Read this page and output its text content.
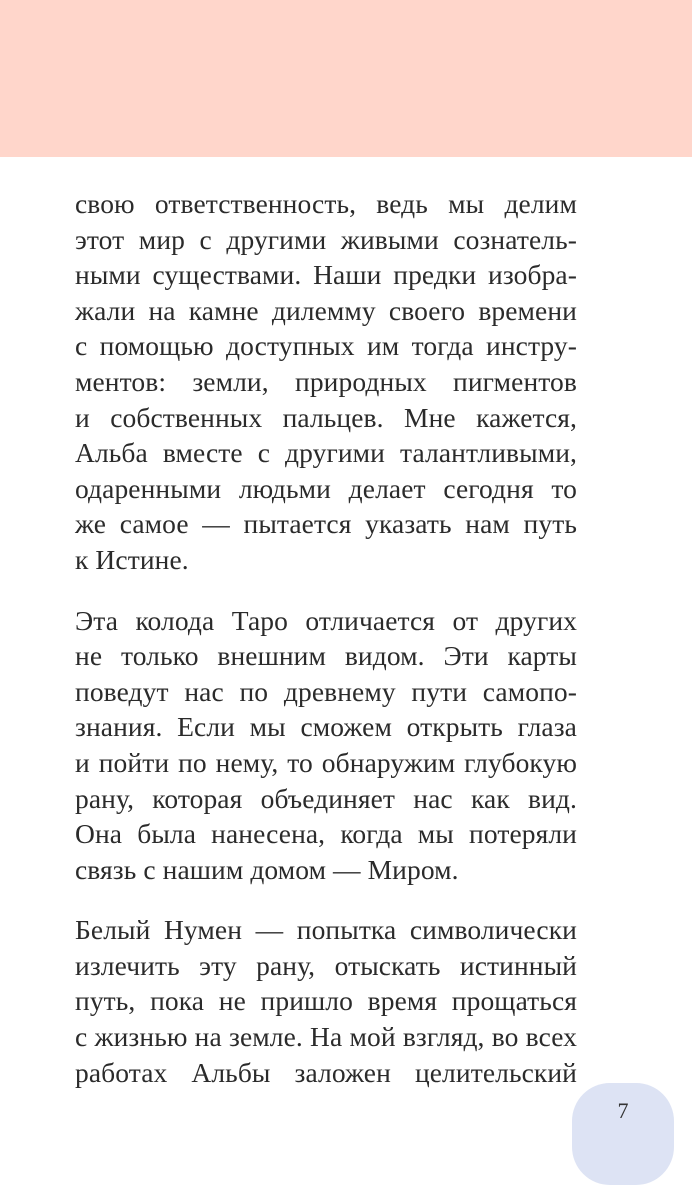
свою ответственность, ведь мы делим
этот мир с другими живыми сознатель-
ными существами. Наши предки изобра-
жали на камне дилемму своего времени
с помощью доступных им тогда инстру-
ментов: земли, природных пигментов
и собственных пальцев. Мне кажется,
Альба вместе с другими талантливыми,
одаренными людьми делает сегодня то
же самое — пытается указать нам путь
к Истине.

Эта колода Таро отличается от других
не только внешним видом. Эти карты
поведут нас по древнему пути самопо-
знания. Если мы сможем открыть глаза
и пойти по нему, то обнаружим глубокую
рану, которая объединяет нас как вид.
Она была нанесена, когда мы потеряли
связь с нашим домом — Миром.

Белый Нумен — попытка символически
излечить эту рану, отыскать истинный
путь, пока не пришло время прощаться
с жизнью на земле. На мой взгляд, во всех
работах Альбы заложен целительский

7
